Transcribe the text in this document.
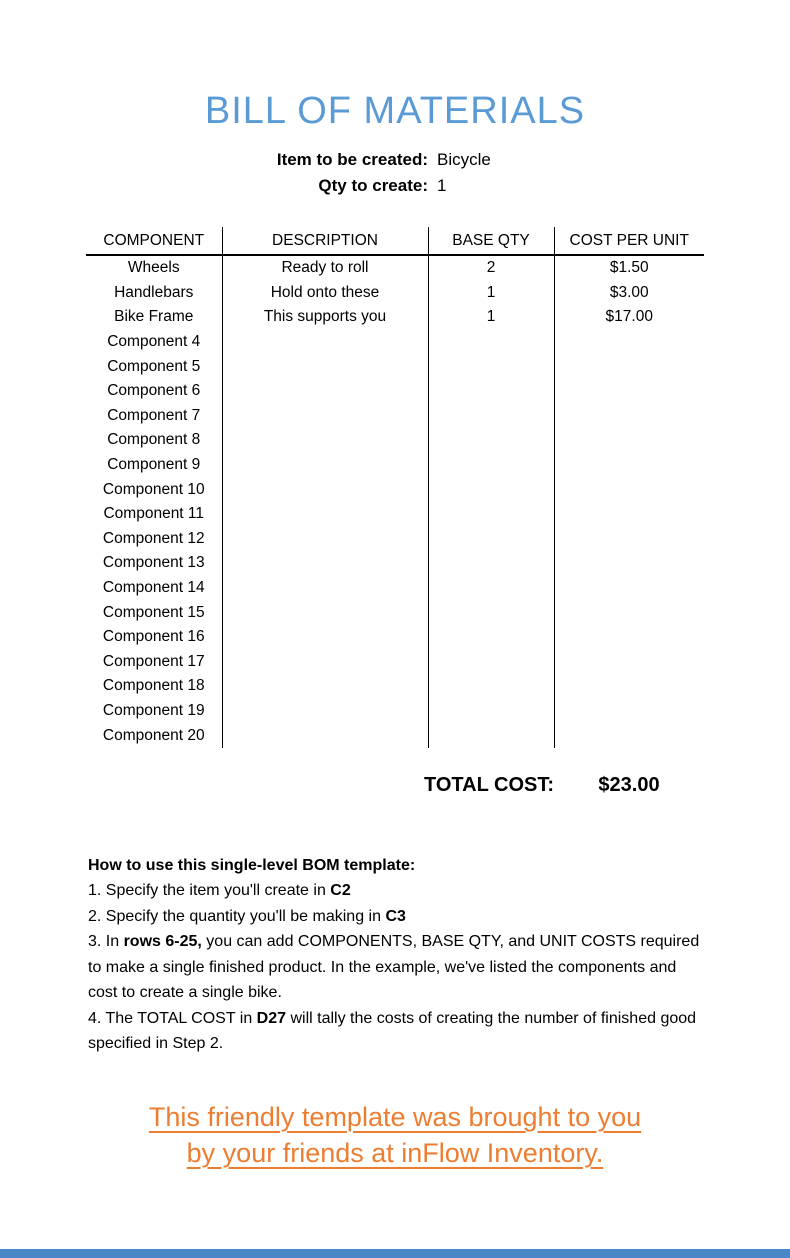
BILL OF MATERIALS
Item to be created: Bicycle
Qty to create: 1
COMPONENT	DESCRIPTION	BASE QTY	COST PER UNIT
Wheels	Ready to roll	2	$1.50
Handlebars	Hold onto these	1	$3.00
Bike Frame	This supports you	1	$17.00
Component 4			
Component 5			
Component 6			
Component 7			
Component 8			
Component 9			
Component 10			
Component 11			
Component 12			
Component 13			
Component 14			
Component 15			
Component 16			
Component 17			
Component 18			
Component 19			
Component 20			
TOTAL COST:	$23.00
How to use this single-level BOM template:
1. Specify the item you'll create in C2
2. Specify the quantity you'll be making in C3
3. In rows 6-25, you can add COMPONENTS, BASE QTY, and UNIT COSTS required to make a single finished product. In the example, we've listed the components and cost to create a single bike.
4. The TOTAL COST in D27 will tally the costs of creating the number of finished good specified in Step 2.
This friendly template was brought to you
by your friends at inFlow Inventory.
